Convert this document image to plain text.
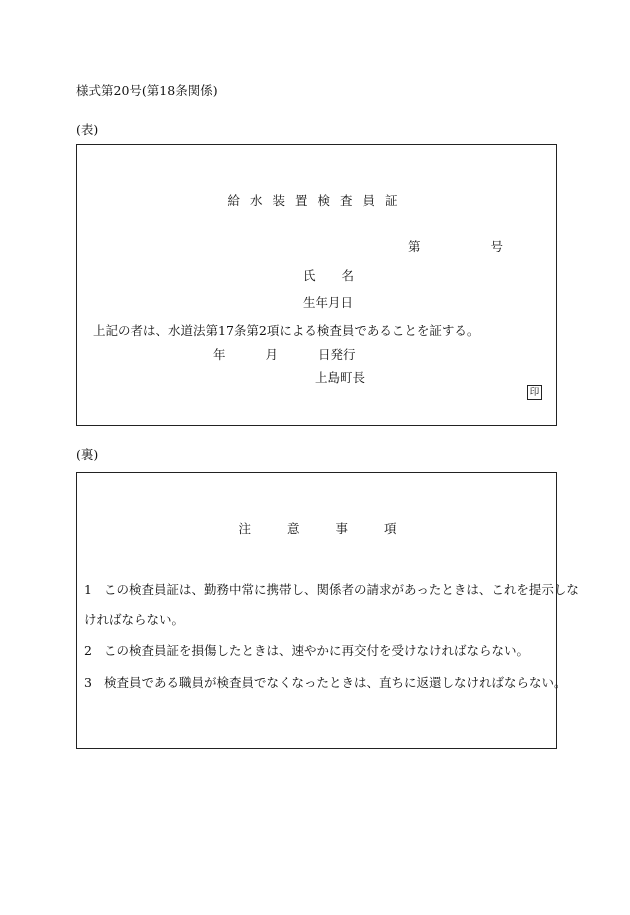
様式第20号(第18条関係)
(表)
給水装置検査員証
第	号
氏 名
生年月日
上記の者は、水道法第17条第2項による検査員であることを証する。
年	月	日発行
上島町長
印
(裏)
注意事項
1 この検査員証は、勤務中常に携帯し、関係者の請求があったときは、これを提示しな
ければならない。
2 この検査員証を損傷したときは、速やかに再交付を受けなければならない。
3 検査員である職員が検査員でなくなったときは、直ちに返還しなければならない。
